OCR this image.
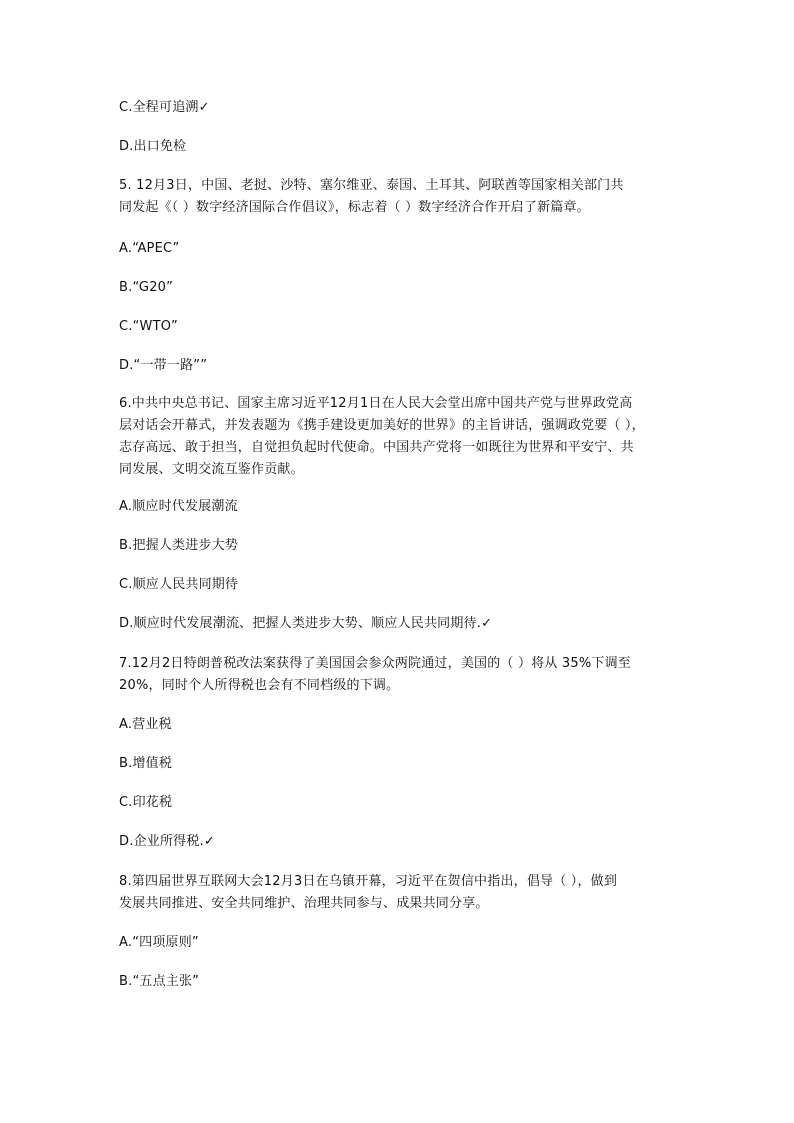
C.全程可追溯✓
D.出口免检
5. 12月3日，中国、老挝、沙特、塞尔维亚、泰国、土耳其、阿联酋等国家相关部门共
同发起《（ ）数字经济国际合作倡议》，标志着（ ）数字经济合作开启了新篇章。
A.“APEC”
B.“G20”
C.“WTO”
D.“一带一路””
6.中共中央总书记、国家主席习近平12月1日在人民大会堂出席中国共产党与世界政党高
层对话会开幕式，并发表题为《携手建设更加美好的世界》的主旨讲话，强调政党要（ ），
志存高远、敢于担当，自觉担负起时代使命。中国共产党将一如既往为世界和平安宁、共
同发展、文明交流互鉴作贡献。
A.顺应时代发展潮流
B.把握人类进步大势
C.顺应人民共同期待
D.顺应时代发展潮流、把握人类进步大势、顺应人民共同期待.✓
7.12月2日特朗普税改法案获得了美国国会参众两院通过，美国的（ ）将从 35%下调至
20%，同时个人所得税也会有不同档级的下调。
A.营业税
B.增值税
C.印花税
D.企业所得税.✓
8.第四届世界互联网大会12月3日在乌镇开幕，习近平在贺信中指出，倡导（ ），做到
发展共同推进、安全共同维护、治理共同参与、成果共同分享。
A.“四项原则”
B.“五点主张”
